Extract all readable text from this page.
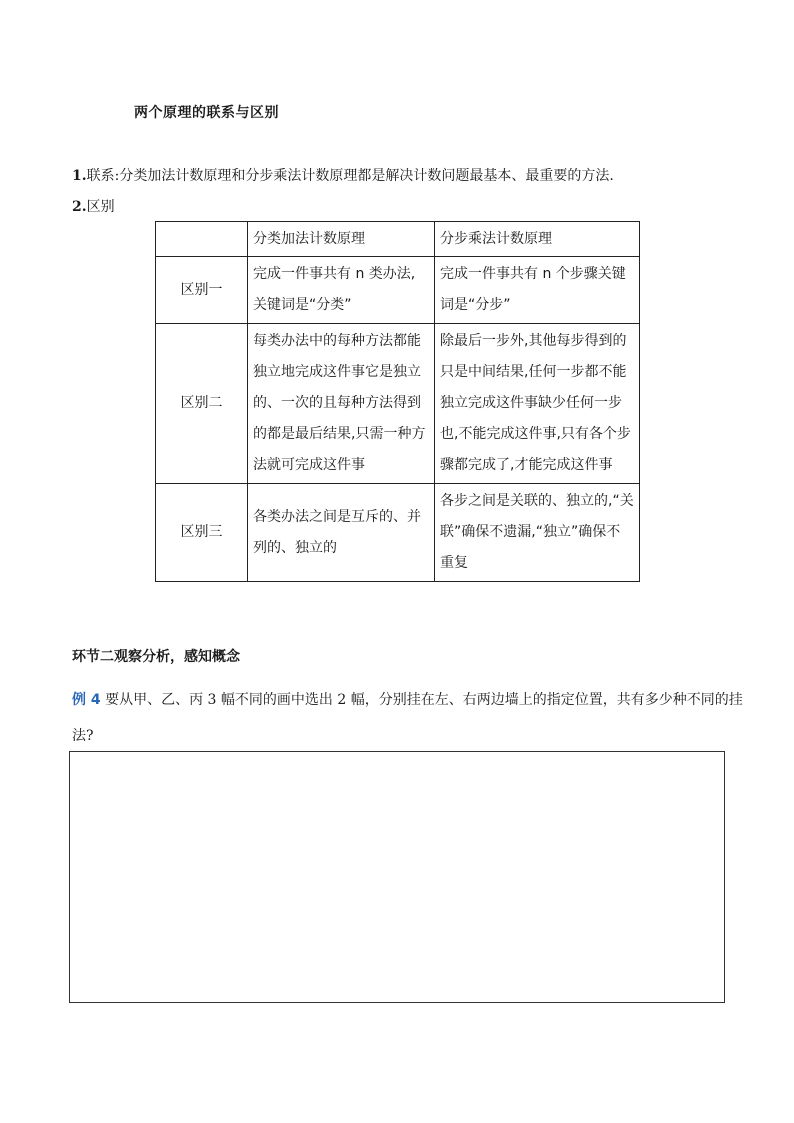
两个原理的联系与区别
1.联系:分类加法计数原理和分步乘法计数原理都是解决计数问题最基本、最重要的方法.
2.区别
	分类加法计数原理	分步乘法计数原理
区别一	完成一件事共有 n 类办法,关键词是“分类”	完成一件事共有 n 个步骤关键词是“分步”
区别二	每类办法中的每种方法都能独立地完成这件事它是独立的、一次的且每种方法得到的都是最后结果,只需一种方法就可完成这件事	除最后一步外,其他每步得到的只是中间结果,任何一步都不能独立完成这件事缺少任何一步也,不能完成这件事,只有各个步骤都完成了,才能完成这件事
区别三	各类办法之间是互斥的、并列的、独立的	各步之间是关联的、独立的,“关联”确保不遗漏,“独立”确保不重复
环节二观察分析，感知概念
例 4 要从甲、乙、丙 3 幅不同的画中选出 2 幅，分别挂在左、右两边墙上的指定位置，共有多少种不同的挂法?
